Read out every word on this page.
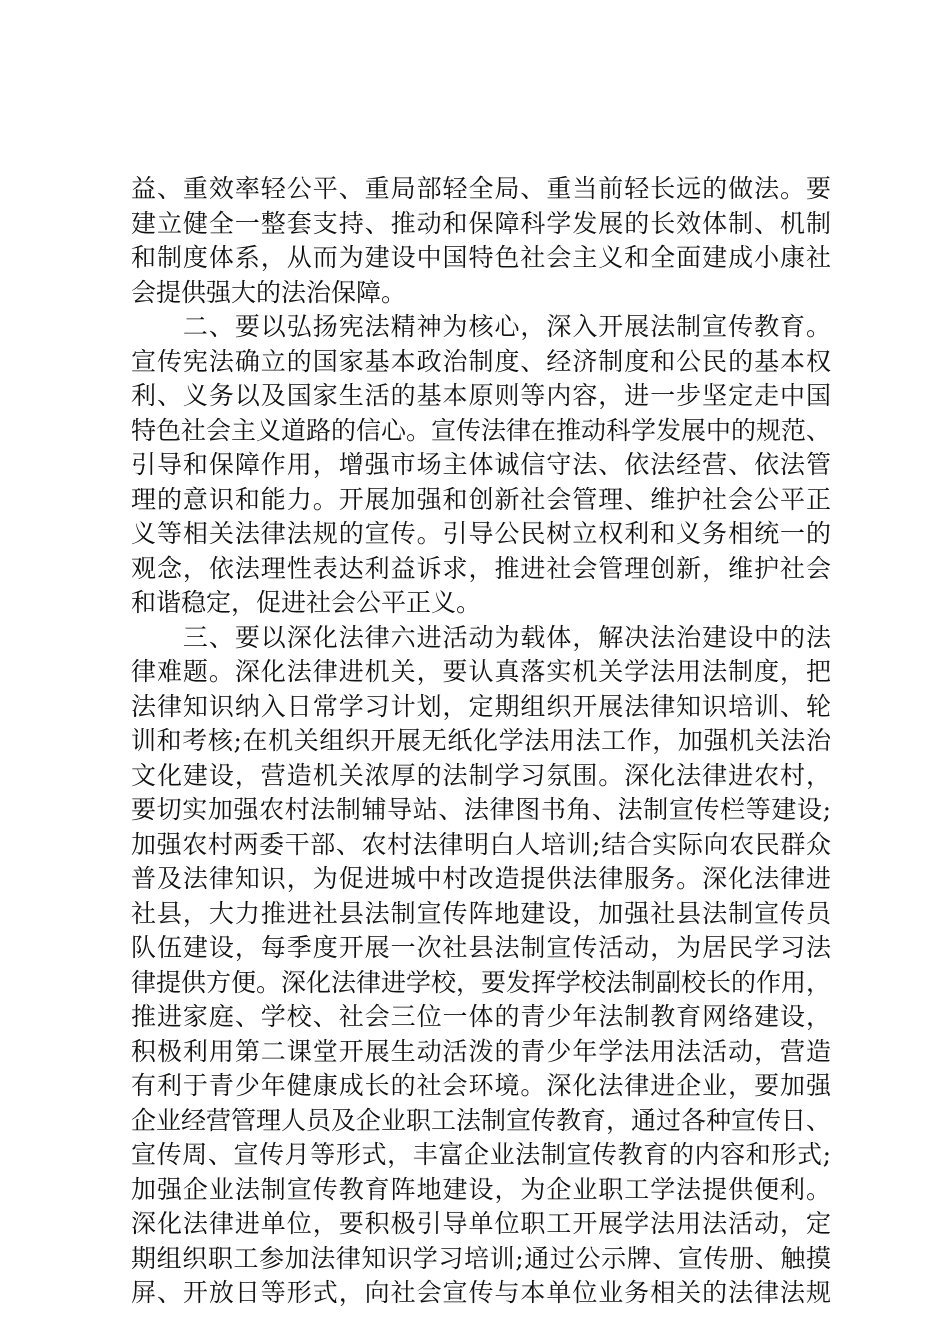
益、重效率轻公平、重局部轻全局、重当前轻长远的做法。要
建立健全一整套支持、推动和保障科学发展的长效体制、机制
和制度体系，从而为建设中国特色社会主义和全面建成小康社
会提供强大的法治保障。
　　二、要以弘扬宪法精神为核心，深入开展法制宣传教育。
宣传宪法确立的国家基本政治制度、经济制度和公民的基本权
利、义务以及国家生活的基本原则等内容，进一步坚定走中国
特色社会主义道路的信心。宣传法律在推动科学发展中的规范、
引导和保障作用，增强市场主体诚信守法、依法经营、依法管
理的意识和能力。开展加强和创新社会管理、维护社会公平正
义等相关法律法规的宣传。引导公民树立权利和义务相统一的
观念，依法理性表达利益诉求，推进社会管理创新，维护社会
和谐稳定，促进社会公平正义。
　　三、要以深化法律六进活动为载体，解决法治建设中的法
律难题。深化法律进机关，要认真落实机关学法用法制度，把
法律知识纳入日常学习计划，定期组织开展法律知识培训、轮
训和考核;在机关组织开展无纸化学法用法工作，加强机关法治
文化建设，营造机关浓厚的法制学习氛围。深化法律进农村，
要切实加强农村法制辅导站、法律图书角、法制宣传栏等建设;
加强农村两委干部、农村法律明白人培训;结合实际向农民群众
普及法律知识，为促进城中村改造提供法律服务。深化法律进
社县，大力推进社县法制宣传阵地建设，加强社县法制宣传员
队伍建设，每季度开展一次社县法制宣传活动，为居民学习法
律提供方便。深化法律进学校，要发挥学校法制副校长的作用，
推进家庭、学校、社会三位一体的青少年法制教育网络建设，
积极利用第二课堂开展生动活泼的青少年学法用法活动，营造
有利于青少年健康成长的社会环境。深化法律进企业，要加强
企业经营管理人员及企业职工法制宣传教育，通过各种宣传日、
宣传周、宣传月等形式，丰富企业法制宣传教育的内容和形式;
加强企业法制宣传教育阵地建设，为企业职工学法提供便利。
深化法律进单位，要积极引导单位职工开展学法用法活动，定
期组织职工参加法律知识学习培训;通过公示牌、宣传册、触摸
屏、开放日等形式，向社会宣传与本单位业务相关的法律法规
